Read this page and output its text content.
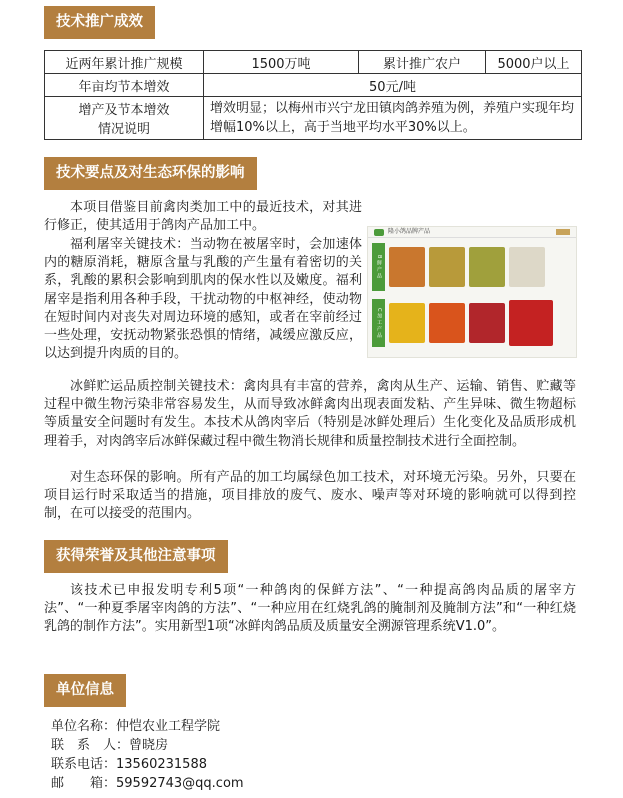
技术推广成效
近两年累计推广规模	1500万吨	累计推广农户	5000户以上
年亩均节本增效	50元/吨		

增产及节本增效
情况说明	增效明显；以梅州市兴宁龙田镇肉鸽养殖为例，养殖户实现年均增幅10%以上，高于当地平均水平30%以上。		
技术要点及对生态环保的影响

本项目借鉴目前禽肉类加工中的最近技术，对其进行修正，使其适用于鸽肉产品加工中。

福利屠宰关键技术：当动物在被屠宰时，会加速体内的糖原消耗，糖原含量与乳酸的产生量有着密切的关系，乳酸的累积会影响到肌肉的保水性以及嫩度。福利屠宰是指利用各种手段，干扰动物的中枢神经，使动物在短时间内对丧失对周边环境的感知，或者在宰前经过一些处理，安抚动物紧张恐惧的情绪，减缓应激反应，以达到提升肉质的目的。

隆小鸽品牌产品
B 鲜 产 品
C 加 工 产 品

冰鲜贮运品质控制关键技术：禽肉具有丰富的营养，禽肉从生产、运输、销售、贮藏等过程中微生物污染非常容易发生，从而导致冰鲜禽肉出现表面发粘、产生异味、微生物超标等质量安全问题时有发生。本技术从鸽肉宰后（特别是冰鲜处理后）生化变化及品质形成机理着手，对肉鸽宰后冰鲜保藏过程中微生物消长规律和质量控制技术进行全面控制。

对生态环保的影响。所有产品的加工均属绿色加工技术，对环境无污染。另外，只要在项目运行时采取适当的措施，项目排放的废气、废水、噪声等对环境的影响就可以得到控制，在可以接受的范围内。

获得荣誉及其他注意事项

该技术已申报发明专利5项“一种鸽肉的保鲜方法”、“一种提高鸽肉品质的屠宰方法”、“一种夏季屠宰肉鸽的方法”、“一种应用在红烧乳鸽的腌制剂及腌制方法”和“一种红烧乳鸽的制作方法”。实用新型1项“冰鲜肉鸽品质及质量安全溯源管理系统V1.0”。

单位信息
单位名称：仲恺农业工程学院
联　系　人：曾晓房
联系电话：13560231588
邮　　箱：59592743@qq.com
